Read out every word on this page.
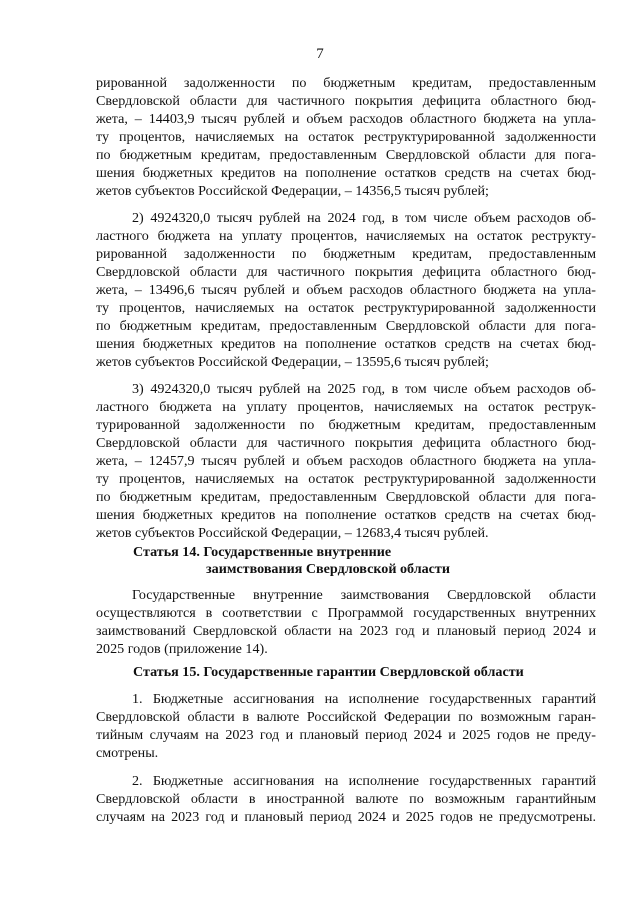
7
рированной задолженности по бюджетным кредитам, предоставленным
Свердловской области для частичного покрытия дефицита областного бюд-
жета, – 14403,9 тысяч рублей и объем расходов областного бюджета на упла-
ту процентов, начисляемых на остаток реструктурированной задолженности
по бюджетным кредитам, предоставленным Свердловской области для пога-
шения бюджетных кредитов на пополнение остатков средств на счетах бюд-
жетов субъектов Российской Федерации, – 14356,5 тысяч рублей;
2) 4924320,0 тысяч рублей на 2024 год, в том числе объем расходов об-
ластного бюджета на уплату процентов, начисляемых на остаток реструкту-
рированной задолженности по бюджетным кредитам, предоставленным
Свердловской области для частичного покрытия дефицита областного бюд-
жета, – 13496,6 тысяч рублей и объем расходов областного бюджета на упла-
ту процентов, начисляемых на остаток реструктурированной задолженности
по бюджетным кредитам, предоставленным Свердловской области для пога-
шения бюджетных кредитов на пополнение остатков средств на счетах бюд-
жетов субъектов Российской Федерации, – 13595,6 тысяч рублей;
3) 4924320,0 тысяч рублей на 2025 год, в том числе объем расходов об-
ластного бюджета на уплату процентов, начисляемых на остаток реструк-
турированной задолженности по бюджетным кредитам, предоставленным
Свердловской области для частичного покрытия дефицита областного бюд-
жета, – 12457,9 тысяч рублей и объем расходов областного бюджета на упла-
ту процентов, начисляемых на остаток реструктурированной задолженности
по бюджетным кредитам, предоставленным Свердловской области для пога-
шения бюджетных кредитов на пополнение остатков средств на счетах бюд-
жетов субъектов Российской Федерации, – 12683,4 тысяч рублей.
Статья 14. Государственные внутренние
заимствования Свердловской области
Государственные внутренние заимствования Свердловской области
осуществляются в соответствии с Программой государственных внутренних
заимствований Свердловской области на 2023 год и плановый период 2024 и
2025 годов (приложение 14).
Статья 15. Государственные гарантии Свердловской области
1. Бюджетные ассигнования на исполнение государственных гарантий
Свердловской области в валюте Российской Федерации по возможным гаран-
тийным случаям на 2023 год и плановый период 2024 и 2025 годов не преду-
смотрены.
2. Бюджетные ассигнования на исполнение государственных гарантий
Свердловской области в иностранной валюте по возможным гарантийным
случаям на 2023 год и плановый период 2024 и 2025 годов не предусмотрены.
